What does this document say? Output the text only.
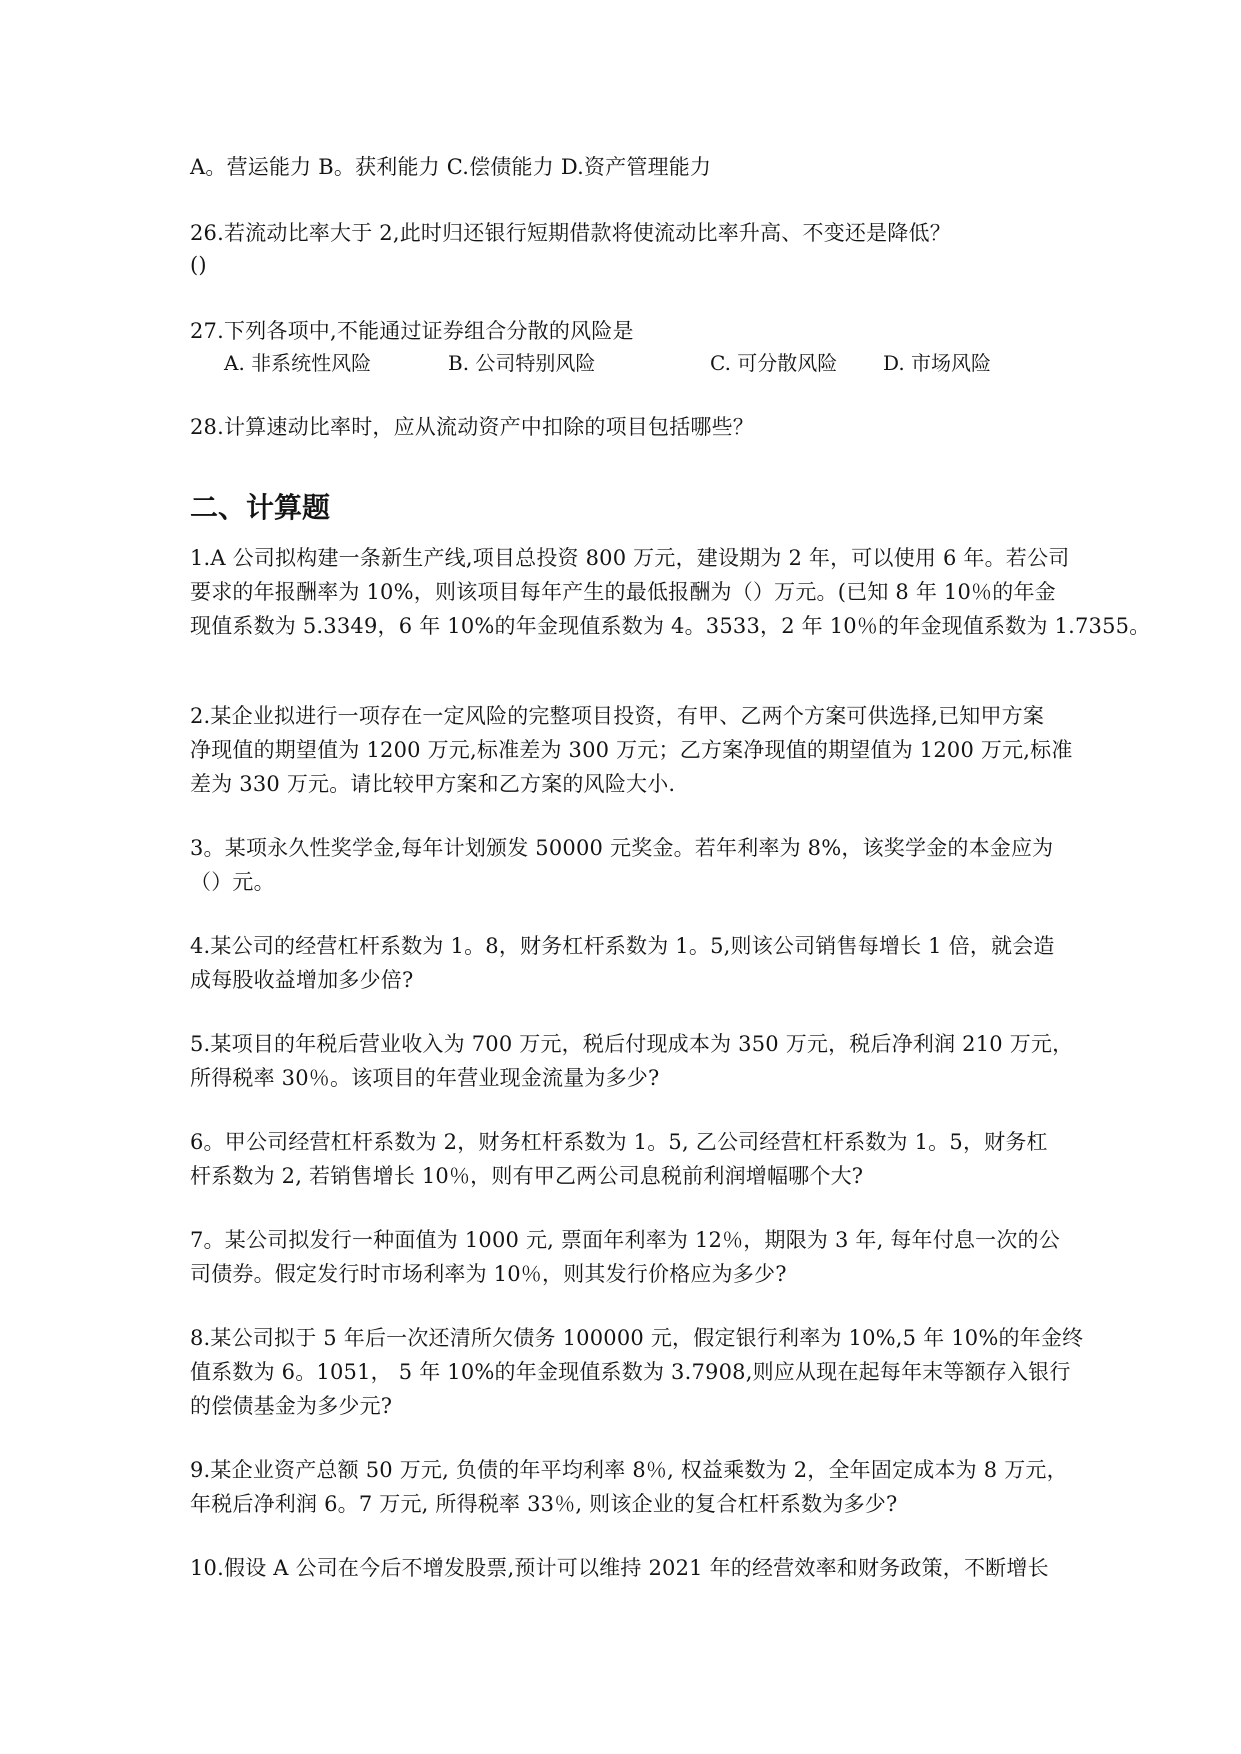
A。营运能力 B。获利能力 C.偿债能力 D.资产管理能力
26.若流动比率大于 2,此时归还银行短期借款将使流动比率升高、不变还是降低？
()
27.下列各项中,不能通过证券组合分散的风险是
A. 非系统性风险	B. 公司特别风险	C. 可分散风险 D. 市场风险
28.计算速动比率时，应从流动资产中扣除的项目包括哪些？
二、计算题
1.A 公司拟构建一条新生产线,项目总投资 800 万元，建设期为 2 年，可以使用 6 年。若公司
要求的年报酬率为 10%，则该项目每年产生的最低报酬为（）万元。(已知 8 年 10％的年金
现值系数为 5.3349，6 年 10%的年金现值系数为 4。3533，2 年 10％的年金现值系数为 1.7355。
2.某企业拟进行一项存在一定风险的完整项目投资，有甲、乙两个方案可供选择,已知甲方案
净现值的期望值为 1200 万元,标准差为 300 万元；乙方案净现值的期望值为 1200 万元,标准
差为 330 万元。请比较甲方案和乙方案的风险大小.
3。某项永久性奖学金,每年计划颁发 50000 元奖金。若年利率为 8%，该奖学金的本金应为
（）元。
4.某公司的经营杠杆系数为 1。8，财务杠杆系数为 1。5,则该公司销售每增长 1 倍，就会造
成每股收益增加多少倍?
5.某项目的年税后营业收入为 700 万元，税后付现成本为 350 万元，税后净利润 210 万元，
所得税率 30％。该项目的年营业现金流量为多少?
6。甲公司经营杠杆系数为 2，财务杠杆系数为 1。5, 乙公司经营杠杆系数为 1。5，财务杠
杆系数为 2, 若销售增长 10％，则有甲乙两公司息税前利润增幅哪个大?
7。某公司拟发行一种面值为 1000 元, 票面年利率为 12％，期限为 3 年, 每年付息一次的公
司债券。假定发行时市场利率为 10％，则其发行价格应为多少?
8.某公司拟于 5 年后一次还清所欠债务 100000 元，假定银行利率为 10%,5 年 10%的年金终
值系数为 6。1051， 5 年 10%的年金现值系数为 3.7908,则应从现在起每年末等额存入银行
的偿债基金为多少元?
9.某企业资产总额 50 万元, 负债的年平均利率 8％, 权益乘数为 2，全年固定成本为 8 万元，
年税后净利润 6。7 万元, 所得税率 33％, 则该企业的复合杠杆系数为多少?
10.假设 A 公司在今后不增发股票,预计可以维持 2021 年的经营效率和财务政策，不断增长
